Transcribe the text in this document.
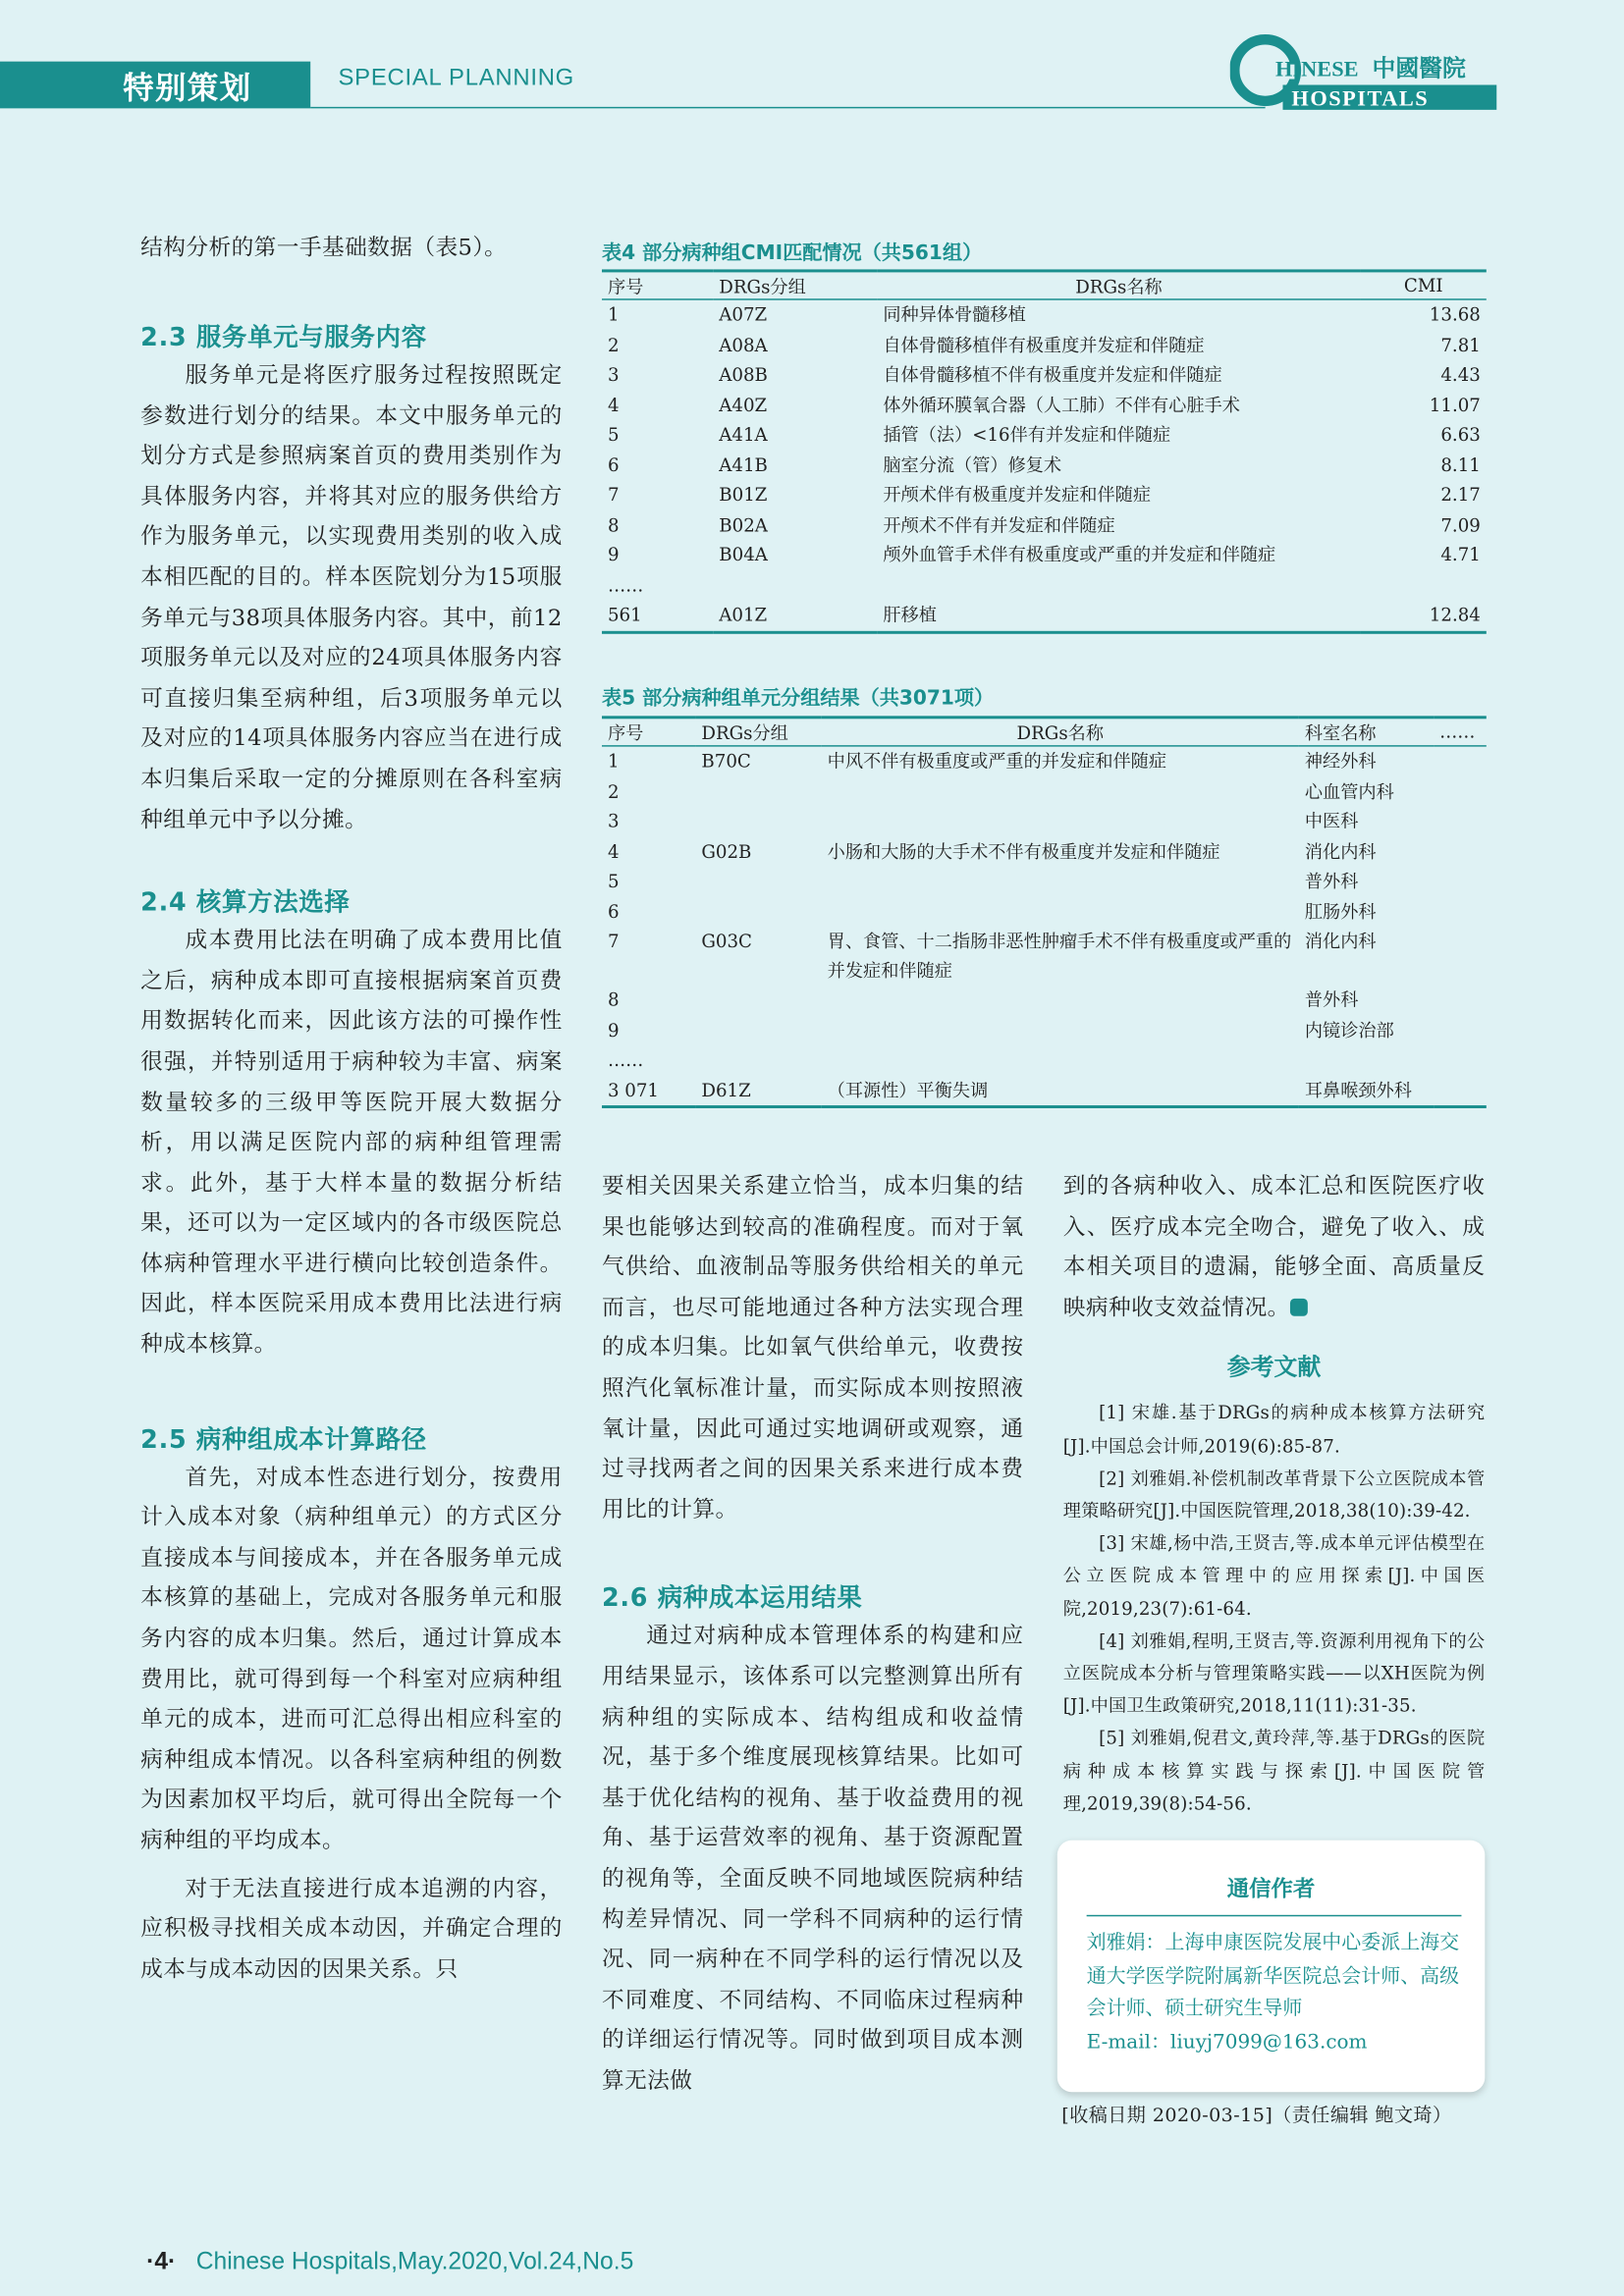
特别策划	SPECIAL PLANNING	HINESE 中國醫院
HOSPITALS

结构分析的第一手基础数据（表5）。

2.3 服务单元与服务内容

服务单元是将医疗服务过程按照既定参数进行划分的结果。本文中服务单元的划分方式是参照病案首页的费用类别作为具体服务内容，并将其对应的服务供给方作为服务单元，以实现费用类别的收入成本相匹配的目的。样本医院划分为15项服务单元与38项具体服务内容。其中，前12项服务单元以及对应的24项具体服务内容可直接归集至病种组，后3项服务单元以及对应的14项具体服务内容应当在进行成本归集后采取一定的分摊原则在各科室病种组单元中予以分摊。

2.4 核算方法选择

成本费用比法在明确了成本费用比值之后，病种成本即可直接根据病案首页费用数据转化而来，因此该方法的可操作性很强，并特别适用于病种较为丰富、病案数量较多的三级甲等医院开展大数据分析，用以满足医院内部的病种组管理需求。此外，基于大样本量的数据分析结果，还可以为一定区域内的各市级医院总体病种管理水平进行横向比较创造条件。因此，样本医院采用成本费用比法进行病种成本核算。

2.5 病种组成本计算路径

首先，对成本性态进行划分，按费用计入成本对象（病种组单元）的方式区分直接成本与间接成本，并在各服务单元成本核算的基础上，完成对各服务单元和服务内容的成本归集。然后，通过计算成本费用比，就可得到每一个科室对应病种组单元的成本，进而可汇总得出相应科室的病种组成本情况。以各科室病种组的例数为因素加权平均后，就可得出全院每一个病种组的平均成本。

对于无法直接进行成本追溯的内容，应积极寻找相关成本动因，并确定合理的成本与成本动因的因果关系。只

表4 部分病种组CMI匹配情况（共561组）
序号	DRGs分组	DRGs名称	CMI
1	A07Z	同种异体骨髓移植	13.68
2	A08A	自体骨髓移植伴有极重度并发症和伴随症	7.81
3	A08B	自体骨髓移植不伴有极重度并发症和伴随症	4.43
4	A40Z	体外循环膜氧合器（人工肺）不伴有心脏手术	11.07
5	A41A	插管（法）<16伴有并发症和伴随症	6.63
6	A41B	脑室分流（管）修复术	8.11
7	B01Z	开颅术伴有极重度并发症和伴随症	2.17
8	B02A	开颅术不伴有并发症和伴随症	7.09
9	B04A	颅外血管手术伴有极重度或严重的并发症和伴随症	4.71
……			
561	A01Z	肝移植	12.84
表5 部分病种组单元分组结果（共3071项）
序号	DRGs分组	DRGs名称	科室名称	……
1	B70C	中风不伴有极重度或严重的并发症和伴随症	神经外科	
2			心血管内科	
3			中医科	
4	G02B	小肠和大肠的大手术不伴有极重度并发症和伴随症	消化内科	
5			普外科	
6			肛肠外科	
7	G03C	胃、食管、十二指肠非恶性肿瘤手术不伴有极重度或严重的并发症和伴随症	消化内科	
8			普外科	
9			内镜诊治部	
……				
3 071	D61Z	（耳源性）平衡失调	耳鼻喉颈外科	

要相关因果关系建立恰当，成本归集的结果也能够达到较高的准确程度。而对于氧气供给、血液制品等服务供给相关的单元而言，也尽可能地通过各种方法实现合理的成本归集。比如氧气供给单元，收费按照汽化氧标准计量，而实际成本则按照液氧计量，因此可通过实地调研或观察，通过寻找两者之间的因果关系来进行成本费用比的计算。

2.6 病种成本运用结果

通过对病种成本管理体系的构建和应用结果显示，该体系可以完整测算出所有病种组的实际成本、结构组成和收益情况，基于多个维度展现核算结果。比如可基于优化结构的视角、基于收益费用的视角、基于运营效率的视角、基于资源配置的视角等，全面反映不同地域医院病种结构差异情况、同一学科不同病种的运行情况、同一病种在不同学科的运行情况以及不同难度、不同结构、不同临床过程病种的详细运行情况等。同时做到项目成本测算无法做

到的各病种收入、成本汇总和医院医疗收入、医疗成本完全吻合，避免了收入、成本相关项目的遗漏，能够全面、高质量反映病种收支效益情况。

参考文献

[1] 宋雄.基于DRGs的病种成本核算方法研究[J].中国总会计师,2019(6):85-87.

[2] 刘雅娟.补偿机制改革背景下公立医院成本管理策略研究[J].中国医院管理,2018,38(10):39-42.

[3] 宋雄,杨中浩,王贤吉,等.成本单元评估模型在公立医院成本管理中的应用探索[J].中国医院,2019,23(7):61-64.

[4] 刘雅娟,程明,王贤吉,等.资源利用视角下的公立医院成本分析与管理策略实践——以XH医院为例[J].中国卫生政策研究,2018,11(11):31-35.

[5] 刘雅娟,倪君文,黄玲萍,等.基于DRGs的医院病种成本核算实践与探索[J].中国医院管理,2019,39(8):54-56.

通信作者
刘雅娟：上海申康医院发展中心委派上海交通大学医学院附属新华医院总会计师、高级会计师、硕士研究生导师
E-mail：liuyj7099@163.com
[收稿日期 2020-03-15]（责任编辑 鲍文琦）
·4· Chinese Hospitals,May.2020,Vol.24,No.5
